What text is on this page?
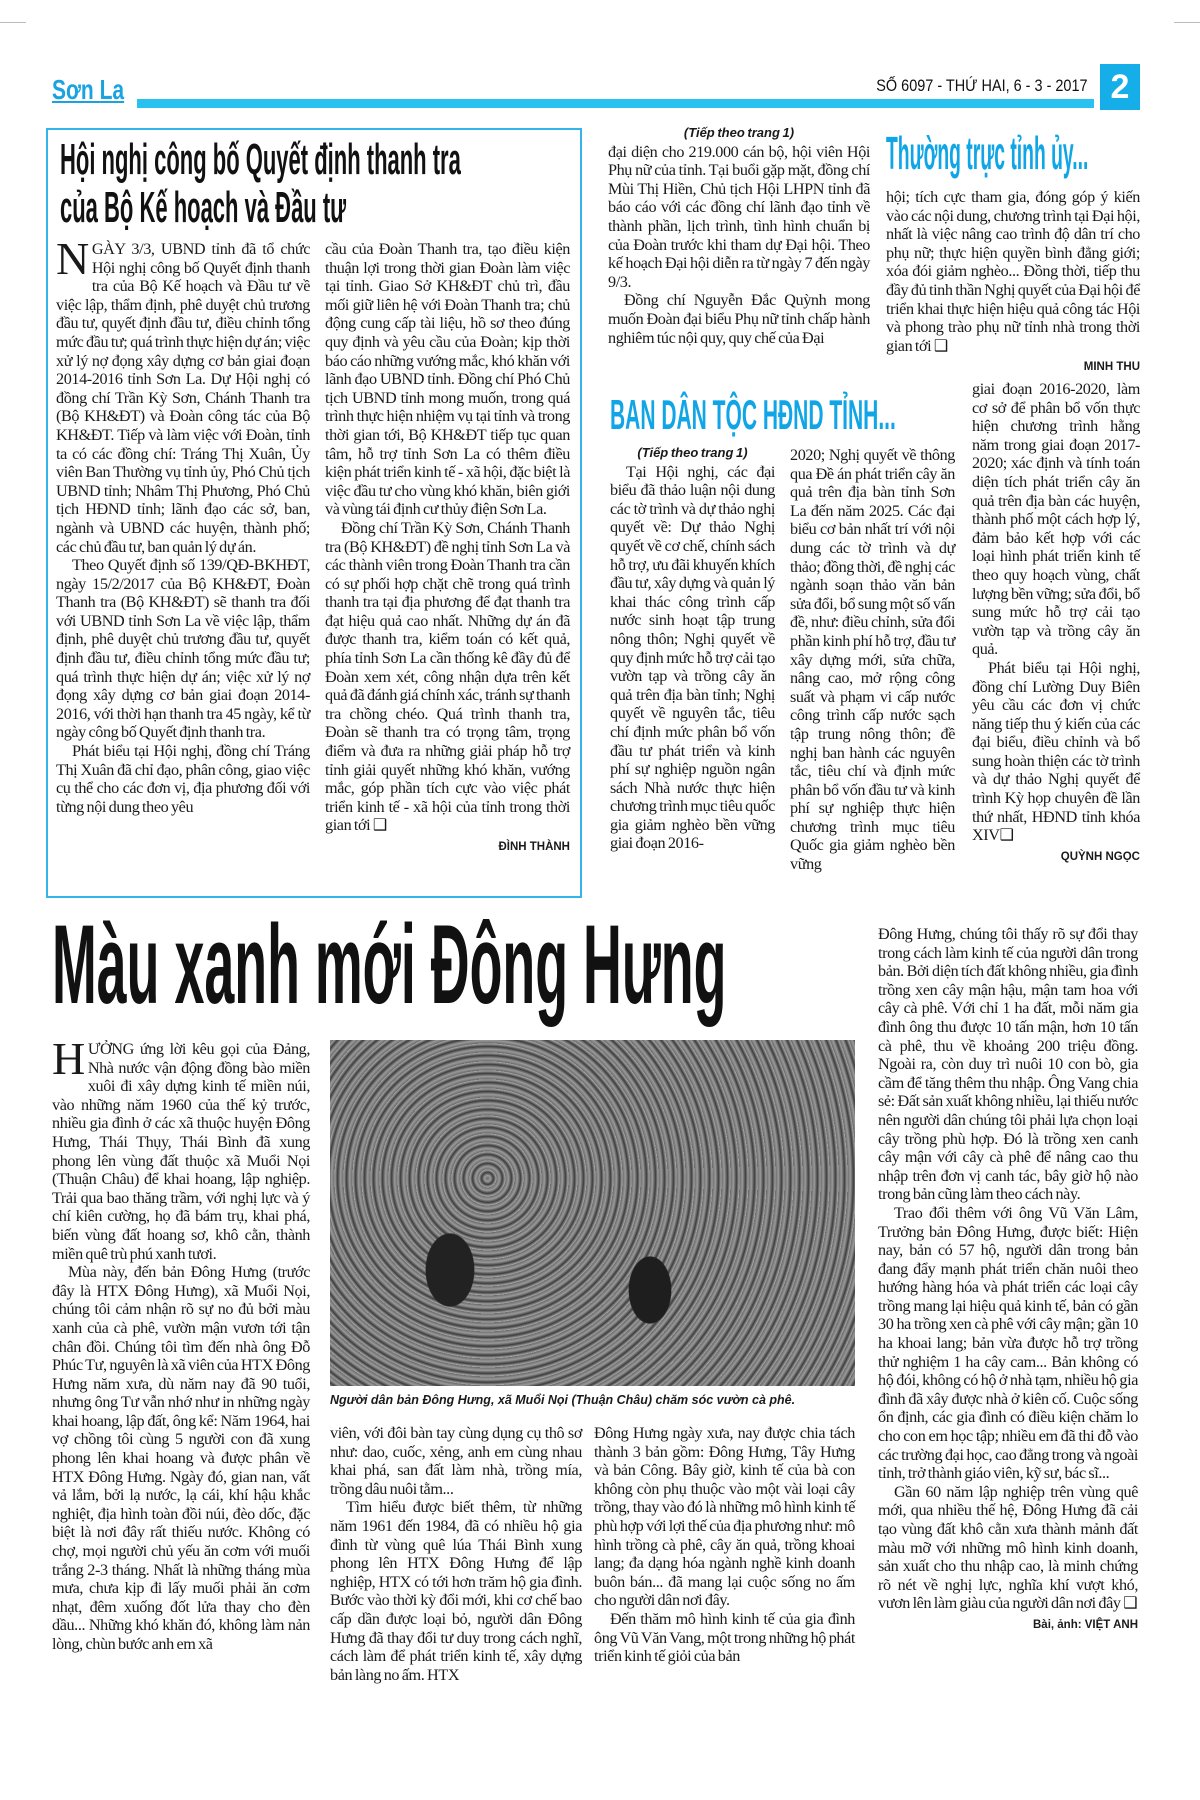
Sơn La	SỐ 6097 - THỨ HAI, 6 - 3 - 2017 2
Hội nghị công bố Quyết định thanh tra
của Bộ Kế hoạch và Đầu tư

NGÀY 3/3, UBND tỉnh đã tổ chức Hội nghị công bố Quyết định thanh tra của Bộ Kế hoạch và Đầu tư về việc lập, thẩm định, phê duyệt chủ trương đầu tư, quyết định đầu tư, điều chỉnh tổng mức đầu tư; quá trình thực hiện dự án; việc xử lý nợ đọng xây dựng cơ bản giai đoạn 2014-2016 tỉnh Sơn La. Dự Hội nghị có đồng chí Trần Kỳ Sơn, Chánh Thanh tra (Bộ KH&ĐT) và Đoàn công tác của Bộ KH&ĐT. Tiếp và làm việc với Đoàn, tỉnh ta có các đồng chí: Tráng Thị Xuân, Ủy viên Ban Thường vụ tỉnh ủy, Phó Chủ tịch UBND tỉnh; Nhâm Thị Phương, Phó Chủ tịch HĐND tỉnh; lãnh đạo các sở, ban, ngành và UBND các huyện, thành phố; các chủ đầu tư, ban quản lý dự án.

Theo Quyết định số 139/QĐ-BKHĐT, ngày 15/2/2017 của Bộ KH&ĐT, Đoàn Thanh tra (Bộ KH&ĐT) sẽ thanh tra đối với UBND tỉnh Sơn La về việc lập, thẩm định, phê duyệt chủ trương đầu tư, quyết định đầu tư, điều chỉnh tổng mức đầu tư; quá trình thực hiện dự án; việc xử lý nợ đọng xây dựng cơ bản giai đoạn 2014-2016, với thời hạn thanh tra 45 ngày, kể từ ngày công bố Quyết định thanh tra.

Phát biểu tại Hội nghị, đồng chí Tráng Thị Xuân đã chỉ đạo, phân công, giao việc cụ thể cho các đơn vị, địa phương đối với từng nội dung theo yêu

cầu của Đoàn Thanh tra, tạo điều kiện thuận lợi trong thời gian Đoàn làm việc tại tỉnh. Giao Sở KH&ĐT chủ trì, đầu mối giữ liên hệ với Đoàn Thanh tra; chủ động cung cấp tài liệu, hồ sơ theo đúng quy định và yêu cầu của Đoàn; kịp thời báo cáo những vướng mắc, khó khăn với lãnh đạo UBND tỉnh. Đồng chí Phó Chủ tịch UBND tỉnh mong muốn, trong quá trình thực hiện nhiệm vụ tại tỉnh và trong thời gian tới, Bộ KH&ĐT tiếp tục quan tâm, hỗ trợ tỉnh Sơn La có thêm điều kiện phát triển kinh tế - xã hội, đặc biệt là việc đầu tư cho vùng khó khăn, biên giới và vùng tái định cư thủy điện Sơn La.

Đồng chí Trần Kỳ Sơn, Chánh Thanh tra (Bộ KH&ĐT) đề nghị tỉnh Sơn La và các thành viên trong Đoàn Thanh tra cần có sự phối hợp chặt chẽ trong quá trình thanh tra tại địa phương để đạt thanh tra đạt hiệu quả cao nhất. Những dự án đã được thanh tra, kiểm toán có kết quả, phía tỉnh Sơn La cần thống kê đầy đủ để Đoàn xem xét, công nhận dựa trên kết quả đã đánh giá chính xác, tránh sự thanh tra chồng chéo. Quá trình thanh tra, Đoàn sẽ thanh tra có trọng tâm, trọng điểm và đưa ra những giải pháp hỗ trợ tỉnh giải quyết những khó khăn, vướng mắc, góp phần tích cực vào việc phát triển kinh tế - xã hội của tỉnh trong thời gian tới ❑

ĐÌNH THÀNH
(Tiếp theo trang 1)

đại diện cho 219.000 cán bộ, hội viên Hội Phụ nữ của tỉnh. Tại buổi gặp mặt, đồng chí Mùi Thị Hiền, Chủ tịch Hội LHPN tỉnh đã báo cáo với các đồng chí lãnh đạo tỉnh về thành phần, lịch trình, tình hình chuẩn bị của Đoàn trước khi tham dự Đại hội. Theo kế hoạch Đại hội diễn ra từ ngày 7 đến ngày 9/3.

Đồng chí Nguyễn Đắc Quỳnh mong muốn Đoàn đại biểu Phụ nữ tỉnh chấp hành nghiêm túc nội quy, quy chế của Đại

Thường trực tỉnh ủy...

hội; tích cực tham gia, đóng góp ý kiến vào các nội dung, chương trình tại Đại hội, nhất là việc nâng cao trình độ dân trí cho phụ nữ; thực hiện quyền bình đẳng giới; xóa đói giảm nghèo... Đồng thời, tiếp thu đầy đủ tinh thần Nghị quyết của Đại hội để triển khai thực hiện hiệu quả công tác Hội và phong trào phụ nữ tỉnh nhà trong thời gian tới ❑

MINH THU
BAN DÂN TỘC HĐND TỈNH...
(Tiếp theo trang 1)

Tại Hội nghị, các đại biểu đã thảo luận nội dung các tờ trình và dự thảo nghị quyết về: Dự thảo Nghị quyết về cơ chế, chính sách hỗ trợ, ưu đãi khuyến khích đầu tư, xây dựng và quản lý khai thác công trình cấp nước sinh hoạt tập trung nông thôn; Nghị quyết về quy định mức hỗ trợ cải tạo vườn tạp và trồng cây ăn quả trên địa bàn tỉnh; Nghị quyết về nguyên tắc, tiêu chí định mức phân bổ vốn đầu tư phát triển và kinh phí sự nghiệp nguồn ngân sách Nhà nước thực hiện chương trình mục tiêu quốc gia giảm nghèo bền vững giai đoạn 2016-

2020; Nghị quyết về thông qua Đề án phát triển cây ăn quả trên địa bàn tỉnh Sơn La đến năm 2025. Các đại biểu cơ bản nhất trí với nội dung các tờ trình và dự thảo; đồng thời, đề nghị các ngành soạn thảo văn bản sửa đổi, bổ sung một số vấn đề, như: điều chỉnh, sửa đổi phần kinh phí hỗ trợ, đầu tư xây dựng mới, sửa chữa, nâng cao, mở rộng công suất và phạm vi cấp nước công trình cấp nước sạch tập trung nông thôn; đề nghị ban hành các nguyên tắc, tiêu chí và định mức phân bổ vốn đầu tư và kinh phí sự nghiệp thực hiện chương trình mục tiêu Quốc gia giảm nghèo bền vững

giai đoạn 2016-2020, làm cơ sở để phân bổ vốn thực hiện chương trình hằng năm trong giai đoạn 2017-2020; xác định và tính toán diện tích phát triển cây ăn quả trên địa bàn các huyện, thành phố một cách hợp lý, đảm bảo kết hợp với các loại hình phát triển kinh tế theo quy hoạch vùng, chất lượng bền vững; sửa đổi, bổ sung mức hỗ trợ cải tạo vườn tạp và trồng cây ăn quả.

Phát biểu tại Hội nghị, đồng chí Lường Duy Biên yêu cầu các đơn vị chức năng tiếp thu ý kiến của các đại biểu, điều chỉnh và bổ sung hoàn thiện các tờ trình và dự thảo Nghị quyết để trình Kỳ họp chuyên đề lần thứ nhất, HĐND tỉnh khóa XIV❑

QUỲNH NGỌC
Màu xanh mới Đông Hưng

HƯỞNG ứng lời kêu gọi của Đảng, Nhà nước vận động đồng bào miền xuôi đi xây dựng kinh tế miền núi, vào những năm 1960 của thế kỷ trước, nhiều gia đình ở các xã thuộc huyện Đông Hưng, Thái Thụy, Thái Bình đã xung phong lên vùng đất thuộc xã Muổi Nọi (Thuận Châu) để khai hoang, lập nghiệp. Trải qua bao thăng trầm, với nghị lực và ý chí kiên cường, họ đã bám trụ, khai phá, biến vùng đất hoang sơ, khô cằn, thành miền quê trù phú xanh tươi.

Mùa này, đến bản Đông Hưng (trước đây là HTX Đông Hưng), xã Muổi Nọi, chúng tôi cảm nhận rõ sự no đủ bởi màu xanh của cà phê, vườn mận vươn tới tận chân đồi. Chúng tôi tìm đến nhà ông Đỗ Phúc Tư, nguyên là xã viên của HTX Đông Hưng năm xưa, dù năm nay đã 90 tuổi, nhưng ông Tư vẫn nhớ như in những ngày khai hoang, lập đất, ông kể: Năm 1964, hai vợ chồng tôi cùng 5 người con đã xung phong lên khai hoang và được phân về HTX Đông Hưng. Ngày đó, gian nan, vất vả lắm, bởi lạ nước, lạ cái, khí hậu khắc nghiệt, địa hình toàn đồi núi, đèo dốc, đặc biệt là nơi đây rất thiếu nước. Không có chợ, mọi người chủ yếu ăn cơm với muối trắng 2-3 tháng. Nhất là những tháng mùa mưa, chưa kịp đi lấy muối phải ăn cơm nhạt, đêm xuống đốt lửa thay cho đèn dầu... Những khó khăn đó, không làm nản lòng, chùn bước anh em xã

Người dân bản Đông Hưng, xã Muổi Nọi (Thuận Châu) chăm sóc vườn cà phê.

viên, với đôi bàn tay cùng dụng cụ thô sơ như: dao, cuốc, xẻng, anh em cùng nhau khai phá, san đất làm nhà, trồng mía, trồng dâu nuôi tằm...

Tìm hiểu được biết thêm, từ những năm 1961 đến 1984, đã có nhiều hộ gia đình từ vùng quê lúa Thái Bình xung phong lên HTX Đông Hưng để lập nghiệp, HTX có tới hơn trăm hộ gia đình. Bước vào thời kỳ đổi mới, khi cơ chế bao cấp dần được loại bỏ, người dân Đông Hưng đã thay đổi tư duy trong cách nghĩ, cách làm để phát triển kinh tế, xây dựng bản làng no ấm. HTX

Đông Hưng ngày xưa, nay được chia tách thành 3 bản gồm: Đông Hưng, Tây Hưng và bản Công. Bây giờ, kinh tế của bà con không còn phụ thuộc vào một vài loại cây trồng, thay vào đó là những mô hình kinh tế phù hợp với lợi thế của địa phương như: mô hình trồng cà phê, cây ăn quả, trồng khoai lang; đa dạng hóa ngành nghề kinh doanh buôn bán... đã mang lại cuộc sống no ấm cho người dân nơi đây.

Đến thăm mô hình kinh tế của gia đình ông Vũ Văn Vang, một trong những hộ phát triển kinh tế giỏi của bản

Đông Hưng, chúng tôi thấy rõ sự đổi thay trong cách làm kinh tế của người dân trong bản. Bởi diện tích đất không nhiều, gia đình trồng xen cây mận hậu, mận tam hoa với cây cà phê. Với chỉ 1 ha đất, mỗi năm gia đình ông thu được 10 tấn mận, hơn 10 tấn cà phê, thu về khoảng 200 triệu đồng. Ngoài ra, còn duy trì nuôi 10 con bò, gia cầm để tăng thêm thu nhập. Ông Vang chia sẻ: Đất sản xuất không nhiều, lại thiếu nước nên người dân chúng tôi phải lựa chọn loại cây trồng phù hợp. Đó là trồng xen canh cây mận với cây cà phê để nâng cao thu nhập trên đơn vị canh tác, bây giờ hộ nào trong bản cũng làm theo cách này.

Trao đổi thêm với ông Vũ Văn Lâm, Trưởng bản Đông Hưng, được biết: Hiện nay, bản có 57 hộ, người dân trong bản đang đẩy mạnh phát triển chăn nuôi theo hướng hàng hóa và phát triển các loại cây trồng mang lại hiệu quả kinh tế, bản có gần 30 ha trồng xen cà phê với cây mận; gần 10 ha khoai lang; bản vừa được hỗ trợ trồng thử nghiệm 1 ha cây cam... Bản không có hộ đói, không có hộ ở nhà tạm, nhiều hộ gia đình đã xây được nhà ở kiên cố. Cuộc sống ổn định, các gia đình có điều kiện chăm lo cho con em học tập; nhiều em đã thi đỗ vào các trường đại học, cao đẳng trong và ngoài tỉnh, trở thành giáo viên, kỹ sư, bác sĩ...

Gần 60 năm lập nghiệp trên vùng quê mới, qua nhiều thế hệ, Đông Hưng đã cải tạo vùng đất khô cằn xưa thành mảnh đất màu mỡ với những mô hình kinh doanh, sản xuất cho thu nhập cao, là minh chứng rõ nét về nghị lực, nghĩa khí vượt khó, vươn lên làm giàu của người dân nơi đây ❑

Bài, ảnh: VIỆT ANH
